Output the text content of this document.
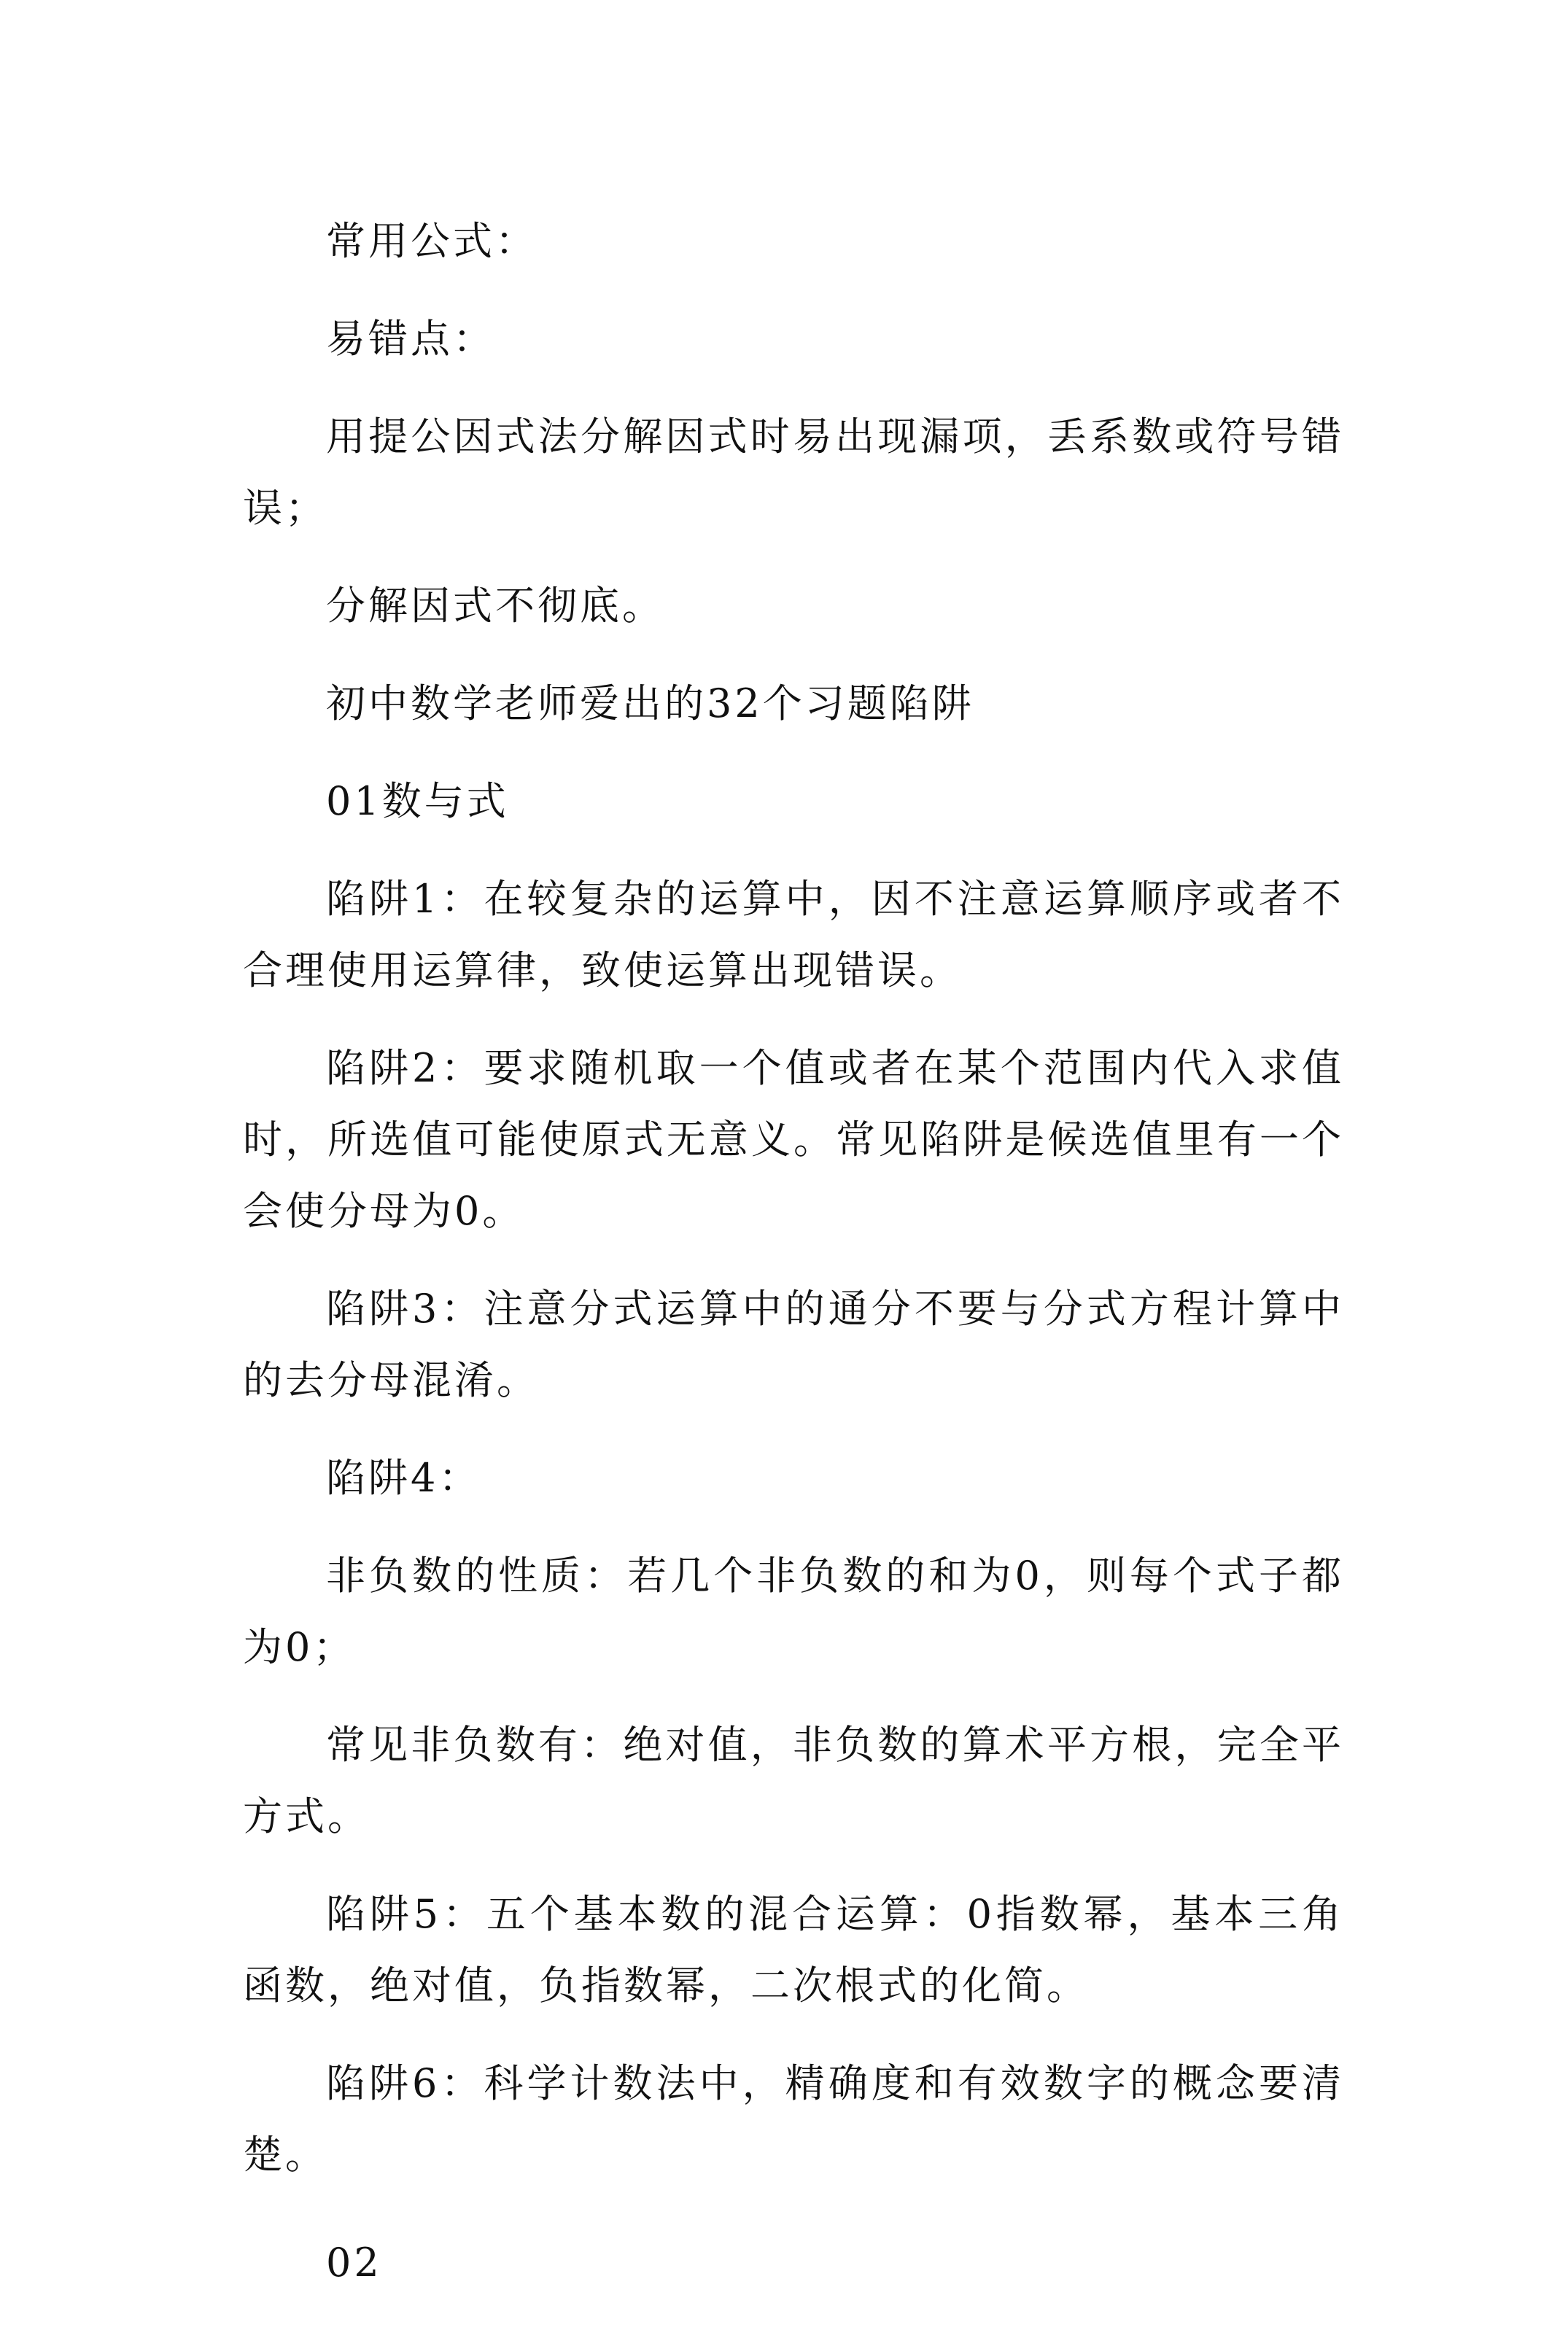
常用公式：

易错点：

用提公因式法分解因式时易出现漏项，丢系数或符号错误；

分解因式不彻底。

初中数学老师爱出的32个习题陷阱

01数与式

陷阱1：在较复杂的运算中，因不注意运算顺序或者不合理使用运算律，致使运算出现错误。

陷阱2：要求随机取一个值或者在某个范围内代入求值时，所选值可能使原式无意义。常见陷阱是候选值里有一个会使分母为0。

陷阱3：注意分式运算中的通分不要与分式方程计算中的去分母混淆。

陷阱4：

非负数的性质：若几个非负数的和为0，则每个式子都为0；

常见非负数有：绝对值，非负数的算术平方根，完全平方式。

陷阱5：五个基本数的混合运算：0指数幂，基本三角函数，绝对值，负指数幂，二次根式的化简。

陷阱6：科学计数法中，精确度和有效数字的概念要清楚。

02
